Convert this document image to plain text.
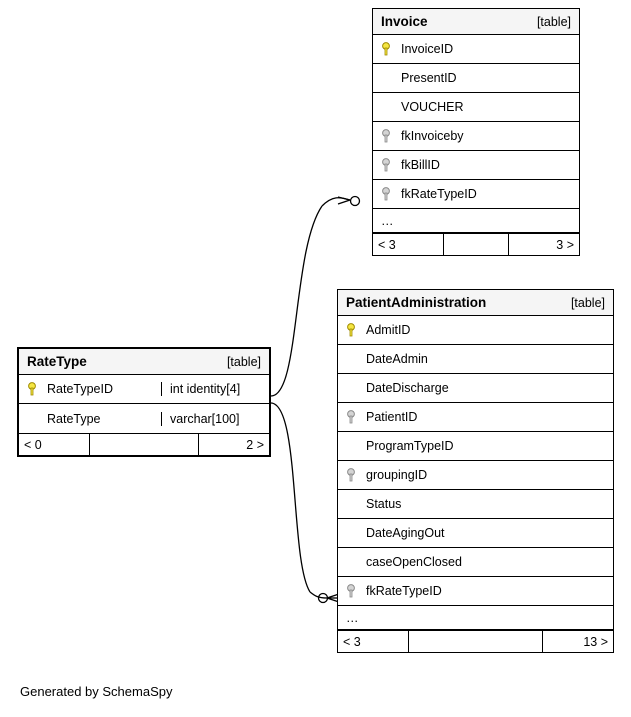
Invoice	[table]
InvoiceID
PresentID
VOUCHER
fkInvoiceby
fkBillID
fkRateTypeID
…
< 3	3 >
PatientAdministration	[table]
AdmitID
DateAdmin
DateDischarge
PatientID
ProgramTypeID
groupingID
Status
DateAgingOut
caseOpenClosed
fkRateTypeID
…
< 3	13 >
RateType	[table]
RateTypeID	int identity[4]
RateType	varchar[100]
< 0	2 >
Generated by SchemaSpy
